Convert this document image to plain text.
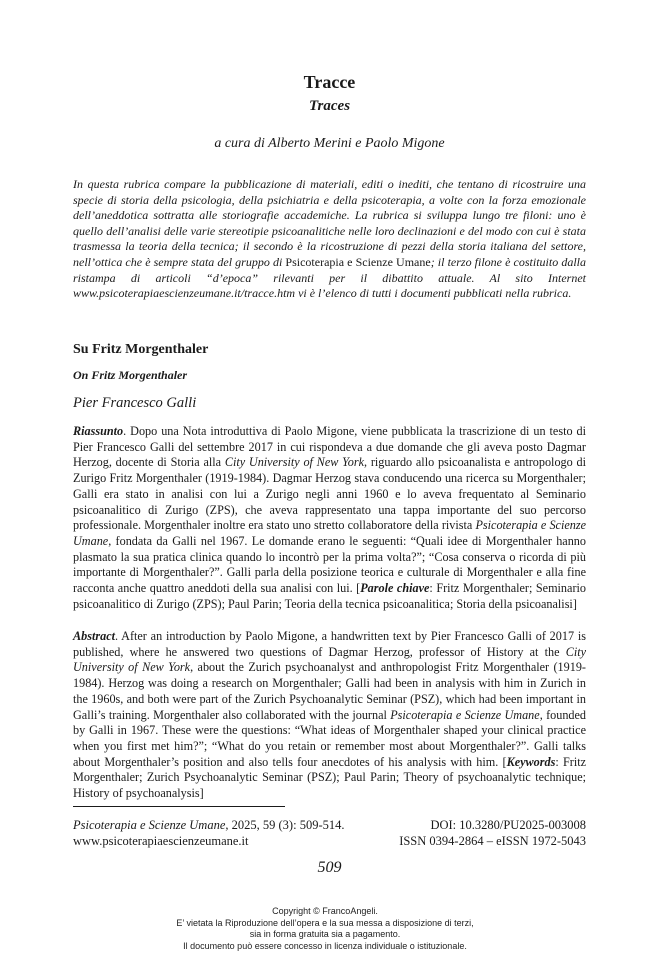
Tracce
Traces
a cura di Alberto Merini e Paolo Migone
In questa rubrica compare la pubblicazione di materiali, editi o inediti, che tentano di ricostruire una specie di storia della psicologia, della psichiatria e della psicoterapia, a volte con la forza emozionale dell’aneddotica sottratta alle storiografie accademiche. La rubrica si sviluppa lungo tre filoni: uno è quello dell’analisi delle varie stereotipie psicoanalitiche nelle loro declinazioni e del modo con cui è stata trasmessa la teoria della tecnica; il secondo è la ricostruzione di pezzi della storia italiana del settore, nell’ottica che è sempre stata del gruppo di Psicoterapia e Scienze Umane; il terzo filone è costituito dalla ristampa di articoli “d’epoca” rilevanti per il dibattito attuale. Al sito Internet www.psicoterapiaescienzeumane.it/tracce.htm vi è l’elenco di tutti i documenti pubblicati nella rubrica.
Su Fritz Morgenthaler
On Fritz Morgenthaler
Pier Francesco Galli
Riassunto. Dopo una Nota introduttiva di Paolo Migone, viene pubblicata la trascrizione di un testo di Pier Francesco Galli del settembre 2017 in cui rispondeva a due domande che gli aveva posto Dagmar Herzog, docente di Storia alla City University of New York, riguardo allo psicoanalista e antropologo di Zurigo Fritz Morgenthaler (1919-1984). Dagmar Herzog stava conducendo una ricerca su Morgenthaler; Galli era stato in analisi con lui a Zurigo negli anni 1960 e lo aveva frequentato al Seminario psicoanalitico di Zurigo (ZPS), che aveva rappresentato una tappa importante del suo percorso professionale. Morgenthaler inoltre era stato uno stretto collaboratore della rivista Psicoterapia e Scienze Umane, fondata da Galli nel 1967. Le domande erano le seguenti: “Quali idee di Morgenthaler hanno plasmato la sua pratica clinica quando lo incontrò per la prima volta?”; “Cosa conserva o ricorda di più importante di Morgenthaler?”. Galli parla della posizione teorica e culturale di Morgenthaler e alla fine racconta anche quattro aneddoti della sua analisi con lui. [Parole chiave: Fritz Morgenthaler; Seminario psicoanalitico di Zurigo (ZPS); Paul Parin; Teoria della tecnica psicoanalitica; Storia della psicoanalisi]
Abstract. After an introduction by Paolo Migone, a handwritten text by Pier Francesco Galli of 2017 is published, where he answered two questions of Dagmar Herzog, professor of History at the City University of New York, about the Zurich psychoanalyst and anthropologist Fritz Morgenthaler (1919-1984). Herzog was doing a research on Morgenthaler; Galli had been in analysis with him in Zurich in the 1960s, and both were part of the Zurich Psychoanalytic Seminar (PSZ), which had been important in Galli’s training. Morgenthaler also collaborated with the journal Psicoterapia e Scienze Umane, founded by Galli in 1967. These were the questions: “What ideas of Morgenthaler shaped your clinical practice when you first met him?”; “What do you retain or remember most about Morgenthaler?”. Galli talks about Morgenthaler’s position and also tells four anecdotes of his analysis with him. [Keywords: Fritz Morgenthaler; Zurich Psychoanalytic Seminar (PSZ); Paul Parin; Theory of psychoanalytic technique; History of psychoanalysis]
Psicoterapia e Scienze Umane, 2025, 59 (3): 509-514.	DOI: 10.3280/PU2025-003008
www.psicoterapiaescienzeumane.it	ISSN 0394-2864 – eISSN 1972-5043
509
Copyright © FrancoAngeli.
E’ vietata la Riproduzione dell’opera e la sua messa a disposizione di terzi,
sia in forma gratuita sia a pagamento.
Il documento può essere concesso in licenza individuale o istituzionale.
